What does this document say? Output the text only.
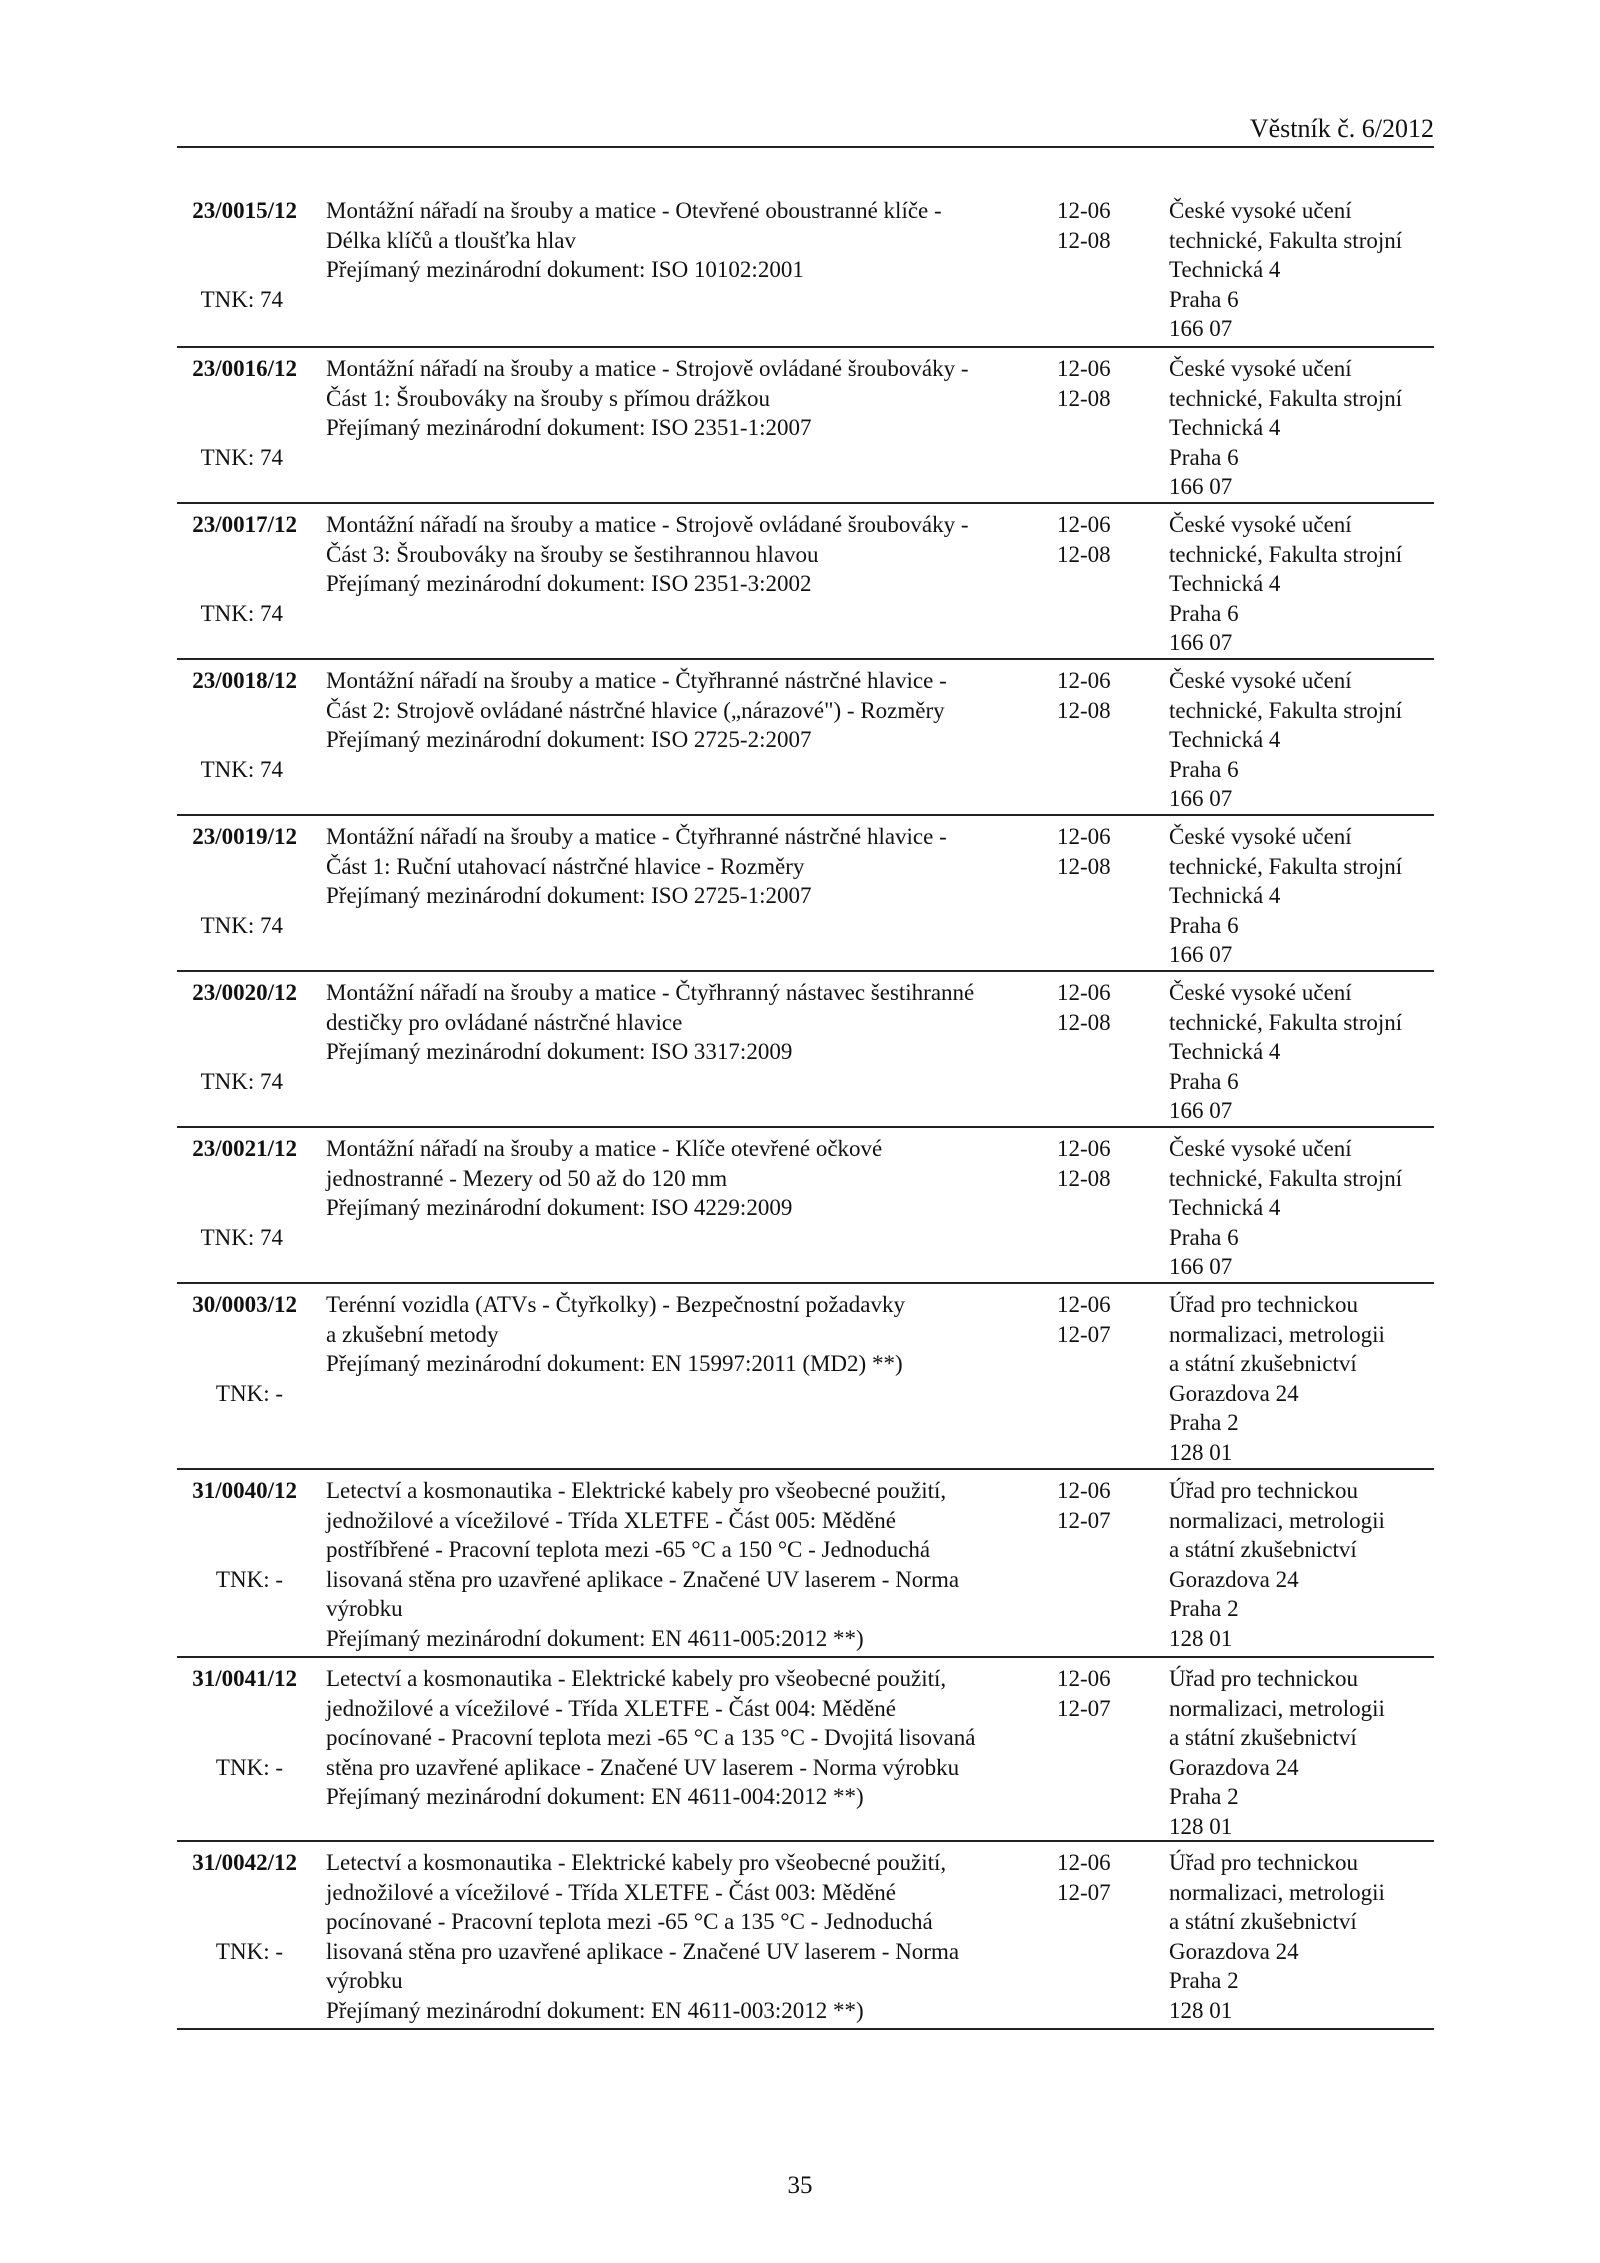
Věstník č. 6/2012
23/0015/12
TNK: 74
Montážní nářadí na šrouby a matice - Otevřené oboustranné klíče -
Délka klíčů a tloušťka hlav
Přejímaný mezinárodní dokument: ISO 10102:2001
12-06
12-08
České vysoké učení
technické, Fakulta strojní
Technická 4
Praha 6
166 07
23/0016/12
TNK: 74
Montážní nářadí na šrouby a matice - Strojově ovládané šroubováky -
Část 1: Šroubováky na šrouby s přímou drážkou
Přejímaný mezinárodní dokument: ISO 2351-1:2007
12-06
12-08
České vysoké učení
technické, Fakulta strojní
Technická 4
Praha 6
166 07
23/0017/12
TNK: 74
Montážní nářadí na šrouby a matice - Strojově ovládané šroubováky -
Část 3: Šroubováky na šrouby se šestihrannou hlavou
Přejímaný mezinárodní dokument: ISO 2351-3:2002
12-06
12-08
České vysoké učení
technické, Fakulta strojní
Technická 4
Praha 6
166 07
23/0018/12
TNK: 74
Montážní nářadí na šrouby a matice - Čtyřhranné nástrčné hlavice -
Část 2: Strojově ovládané nástrčné hlavice („nárazové") - Rozměry
Přejímaný mezinárodní dokument: ISO 2725-2:2007
12-06
12-08
České vysoké učení
technické, Fakulta strojní
Technická 4
Praha 6
166 07
23/0019/12
TNK: 74
Montážní nářadí na šrouby a matice - Čtyřhranné nástrčné hlavice -
Část 1: Ruční utahovací nástrčné hlavice - Rozměry
Přejímaný mezinárodní dokument: ISO 2725-1:2007
12-06
12-08
České vysoké učení
technické, Fakulta strojní
Technická 4
Praha 6
166 07
23/0020/12
TNK: 74
Montážní nářadí na šrouby a matice - Čtyřhranný nástavec šestihranné
destičky pro ovládané nástrčné hlavice
Přejímaný mezinárodní dokument: ISO 3317:2009
12-06
12-08
České vysoké učení
technické, Fakulta strojní
Technická 4
Praha 6
166 07
23/0021/12
TNK: 74
Montážní nářadí na šrouby a matice - Klíče otevřené očkové
jednostranné - Mezery od 50 až do 120 mm
Přejímaný mezinárodní dokument: ISO 4229:2009
12-06
12-08
České vysoké učení
technické, Fakulta strojní
Technická 4
Praha 6
166 07
30/0003/12
TNK: -
Terénní vozidla (ATVs - Čtyřkolky) - Bezpečnostní požadavky
a zkušební metody
Přejímaný mezinárodní dokument: EN 15997:2011 (MD2) **)
12-06
12-07
Úřad pro technickou
normalizaci, metrologii
a státní zkušebnictví
Gorazdova 24
Praha 2
128 01
31/0040/12
TNK: -
Letectví a kosmonautika - Elektrické kabely pro všeobecné použití,
jednožilové a vícežilové - Třída XLETFE - Část 005: Měděné
postříbřené - Pracovní teplota mezi -65 °C a 150 °C - Jednoduchá
lisovaná stěna pro uzavřené aplikace - Značené UV laserem - Norma
výrobku
Přejímaný mezinárodní dokument: EN 4611-005:2012 **)
12-06
12-07
Úřad pro technickou
normalizaci, metrologii
a státní zkušebnictví
Gorazdova 24
Praha 2
128 01
31/0041/12
TNK: -
Letectví a kosmonautika - Elektrické kabely pro všeobecné použití,
jednožilové a vícežilové - Třída XLETFE - Část 004: Měděné
pocínované - Pracovní teplota mezi -65 °C a 135 °C - Dvojitá lisovaná
stěna pro uzavřené aplikace - Značené UV laserem - Norma výrobku
Přejímaný mezinárodní dokument: EN 4611-004:2012 **)
12-06
12-07
Úřad pro technickou
normalizaci, metrologii
a státní zkušebnictví
Gorazdova 24
Praha 2
128 01
31/0042/12
TNK: -
Letectví a kosmonautika - Elektrické kabely pro všeobecné použití,
jednožilové a vícežilové - Třída XLETFE - Část 003: Měděné
pocínované - Pracovní teplota mezi -65 °C a 135 °C - Jednoduchá
lisovaná stěna pro uzavřené aplikace - Značené UV laserem - Norma
výrobku
Přejímaný mezinárodní dokument: EN 4611-003:2012 **)
12-06
12-07
Úřad pro technickou
normalizaci, metrologii
a státní zkušebnictví
Gorazdova 24
Praha 2
128 01
35
